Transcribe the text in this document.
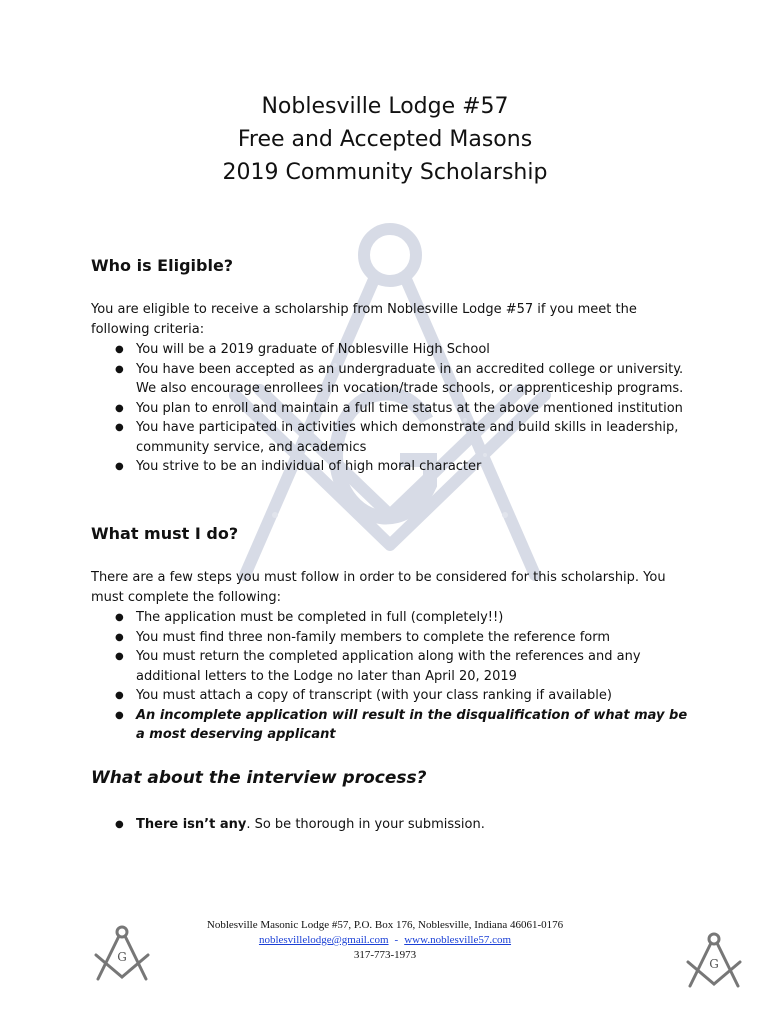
Noblesville Lodge #57
Free and Accepted Masons
2019 Community Scholarship
Who is Eligible?
You are eligible to receive a scholarship from Noblesville Lodge #57 if you meet the following criteria:
● You will be a 2019 graduate of Noblesville High School
● You have been accepted as an undergraduate in an accredited college or university. We also encourage enrollees in vocation/trade schools, or apprenticeship programs.
● You plan to enroll and maintain a full time status at the above mentioned institution
● You have participated in activities which demonstrate and build skills in leadership, community service, and academics
● You strive to be an individual of high moral character
What must I do?
There are a few steps you must follow in order to be considered for this scholarship. You must complete the following:
● The application must be completed in full (completely!!)
● You must find three non-family members to complete the reference form
● You must return the completed application along with the references and any additional letters to the Lodge no later than April 20, 2019
● You must attach a copy of transcript (with your class ranking if available)
● An incomplete application will result in the disqualification of what may be a most deserving applicant
What about the interview process?
● There isn’t any. So be thorough in your submission.
G	G
Noblesville Masonic Lodge #57, P.O. Box 176, Noblesville, Indiana 46061-0176
noblesvillelodge@gmail.com - www.noblesville57.com
317-773-1973
